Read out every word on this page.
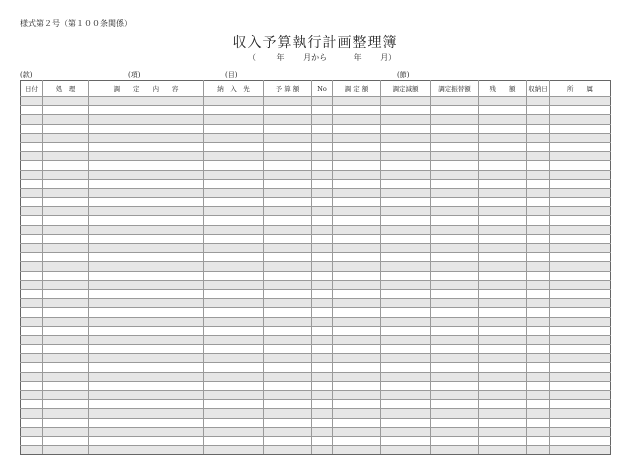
様式第２号（第１００条関係）
収入予算執行計画整理簿
（	年 月から	年 月）
(款)	(項)	(目)	(節)
日付	処　理	調　　定　　内　　容	納　入　先	予 算 額	No	調 定 額	調定減額	調定振替額	残　　額	収納日	所　　属
